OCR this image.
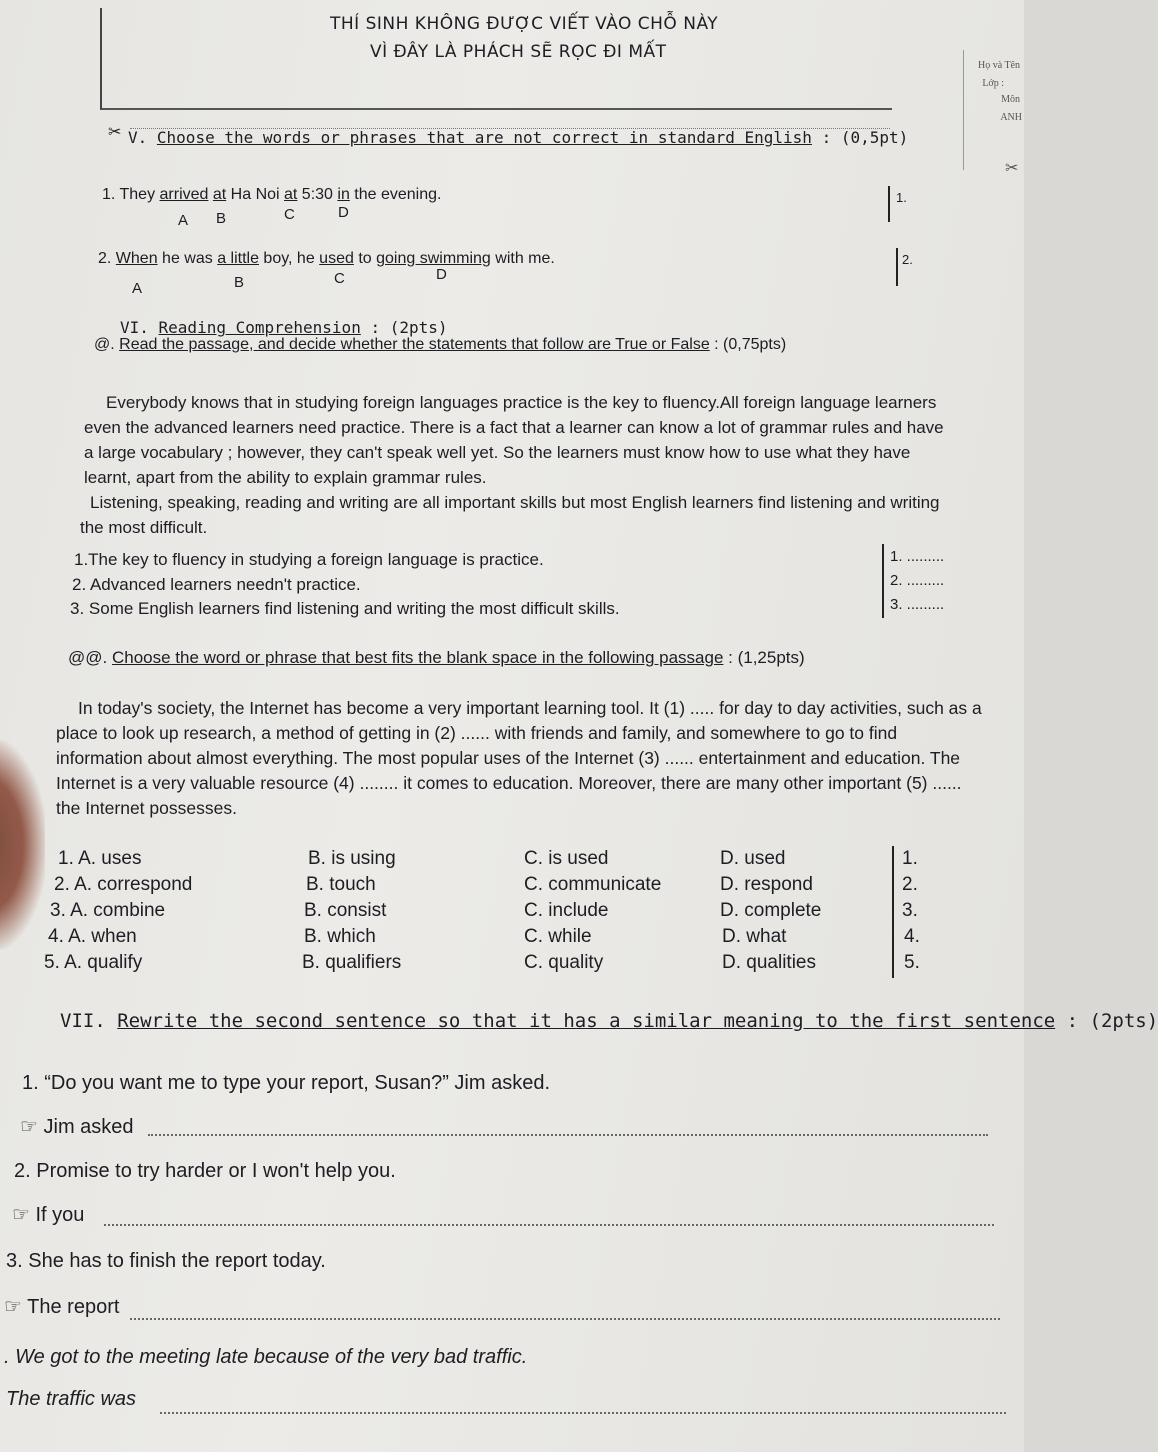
THÍ SINH KHÔNG ĐƯỢC VIẾT VÀO CHỖ NÀY
VÌ ĐÂY LÀ PHÁCH SẼ RỌC ĐI MẤT
Họ và Tên
Lớp :
Môn
ANH
✂
✂ V. Choose the words or phrases that are not correct in standard English : (0,5pt)
1. They arrived at Ha Noi at 5:30 in the evening.
A B	C	D
1.
2. When he was a little boy, he used to going swimming with me.
A	B	C	D
2.
VI. Reading Comprehension : (2pts)
@. Read the passage, and decide whether the statements that follow are True or False : (0,75pts)
Everybody knows that in studying foreign languages practice is the key to fluency.All foreign language learners even the advanced learners need practice. There is a fact that a learner can know a lot of grammar rules and have a large vocabulary ; however, they can't speak well yet. So the learners must know how to use what they have learnt, apart from the ability to explain grammar rules.
Listening, speaking, reading and writing are all important skills but most English learners find listening and writing the most difficult.
1.The key to fluency in studying a foreign language is practice.
2. Advanced learners needn't practice.
3. Some English learners find listening and writing the most difficult skills.
1. .........
2. .........
3. .........
@@. Choose the word or phrase that best fits the blank space in the following passage : (1,25pts)
In today's society, the Internet has become a very important learning tool. It (1) ..... for day to day activities, such as a place to look up research, a method of getting in (2) ...... with friends and family, and somewhere to go to find information about almost everything. The most popular uses of the Internet (3) ...... entertainment and education. The Internet is a very valuable resource (4) ........ it comes to education. Moreover, there are many other important (5) ...... the Internet possesses.
1. A. uses	B. is using	C. is used	D. used	1.
2. A. correspond	B. touch	C. communicate	D. respond	2.
3. A. combine	B. consist	C. include	D. complete	3.
4. A. when	B. which	C. while	D. what	4.
5. A. qualify	B. qualifiers	C. quality	D. qualities	5.
VII. Rewrite the second sentence so that it has a similar meaning to the first sentence : (2pts)
1. “Do you want me to type your report, Susan?” Jim asked.
☞ Jim asked
2. Promise to try harder or I won't help you.
☞ If you
3. She has to finish the report today.
☞ The report
. We got to the meeting late because of the very bad traffic.
The traffic was
